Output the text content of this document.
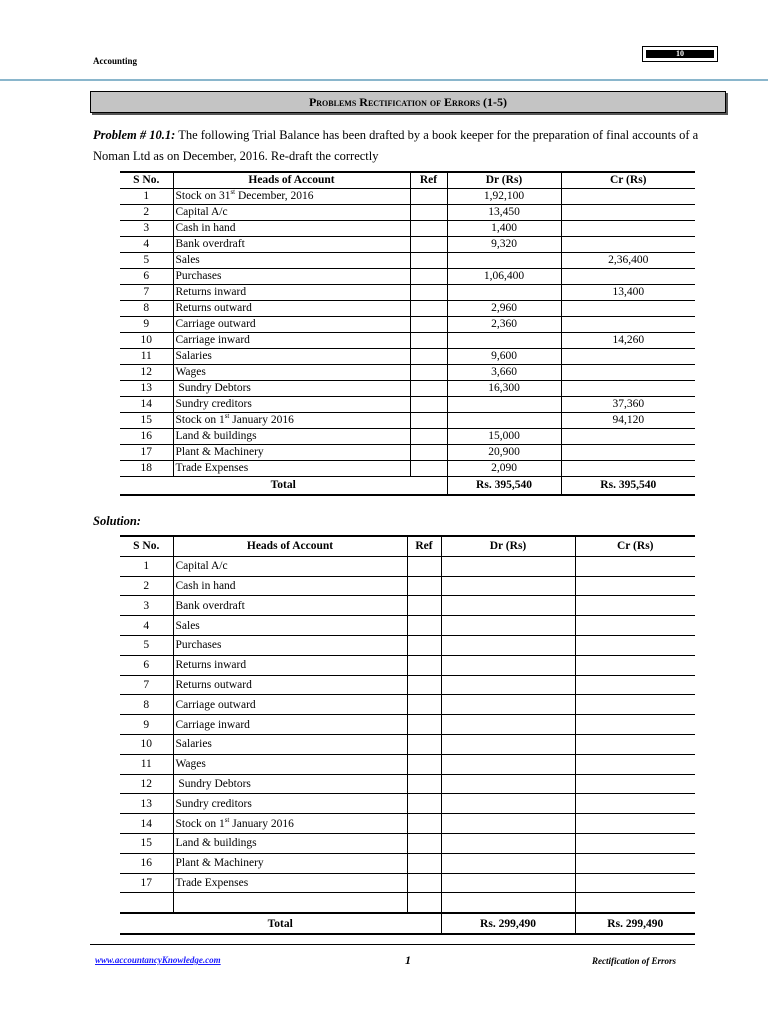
Accounting
10
Problems Rectification of Errors (1-5)
Problem # 10.1: The following Trial Balance has been drafted by a book keeper for the preparation of final accounts of a Noman Ltd as on December, 2016. Re-draft the correctly
S No.	Heads of Account	Ref	Dr (Rs)	Cr (Rs)
1	Stock on 31st December, 2016		1,92,100	
2	Capital A/c		13,450	
3	Cash in hand		1,400	
4	Bank overdraft		9,320	
5	Sales			2,36,400
6	Purchases		1,06,400	
7	Returns inward			13,400
8	Returns outward		2,960	
9	Carriage outward		2,360	
10	Carriage inward			14,260
11	Salaries		9,600	
12	Wages		3,660	
13	Sundry Debtors		16,300	
14	Sundry creditors			37,360
15	Stock on 1st January 2016			94,120
16	Land & buildings		15,000	
17	Plant & Machinery		20,900	
18	Trade Expenses		2,090	
Total			Rs. 395,540	Rs. 395,540
Solution:
S No.	Heads of Account	Ref	Dr (Rs)	Cr (Rs)
1	Capital A/c			
2	Cash in hand			
3	Bank overdraft			
4	Sales			
5	Purchases			
6	Returns inward			
7	Returns outward			
8	Carriage outward			
9	Carriage inward			
10	Salaries			
11	Wages			
12	Sundry Debtors			
13	Sundry creditors			
14	Stock on 1st January 2016			
15	Land & buildings			
16	Plant & Machinery			
17	Trade Expenses			

Total			Rs. 299,490	Rs. 299,490
www.accountancyKnowledge.com	1	Rectification of Errors
